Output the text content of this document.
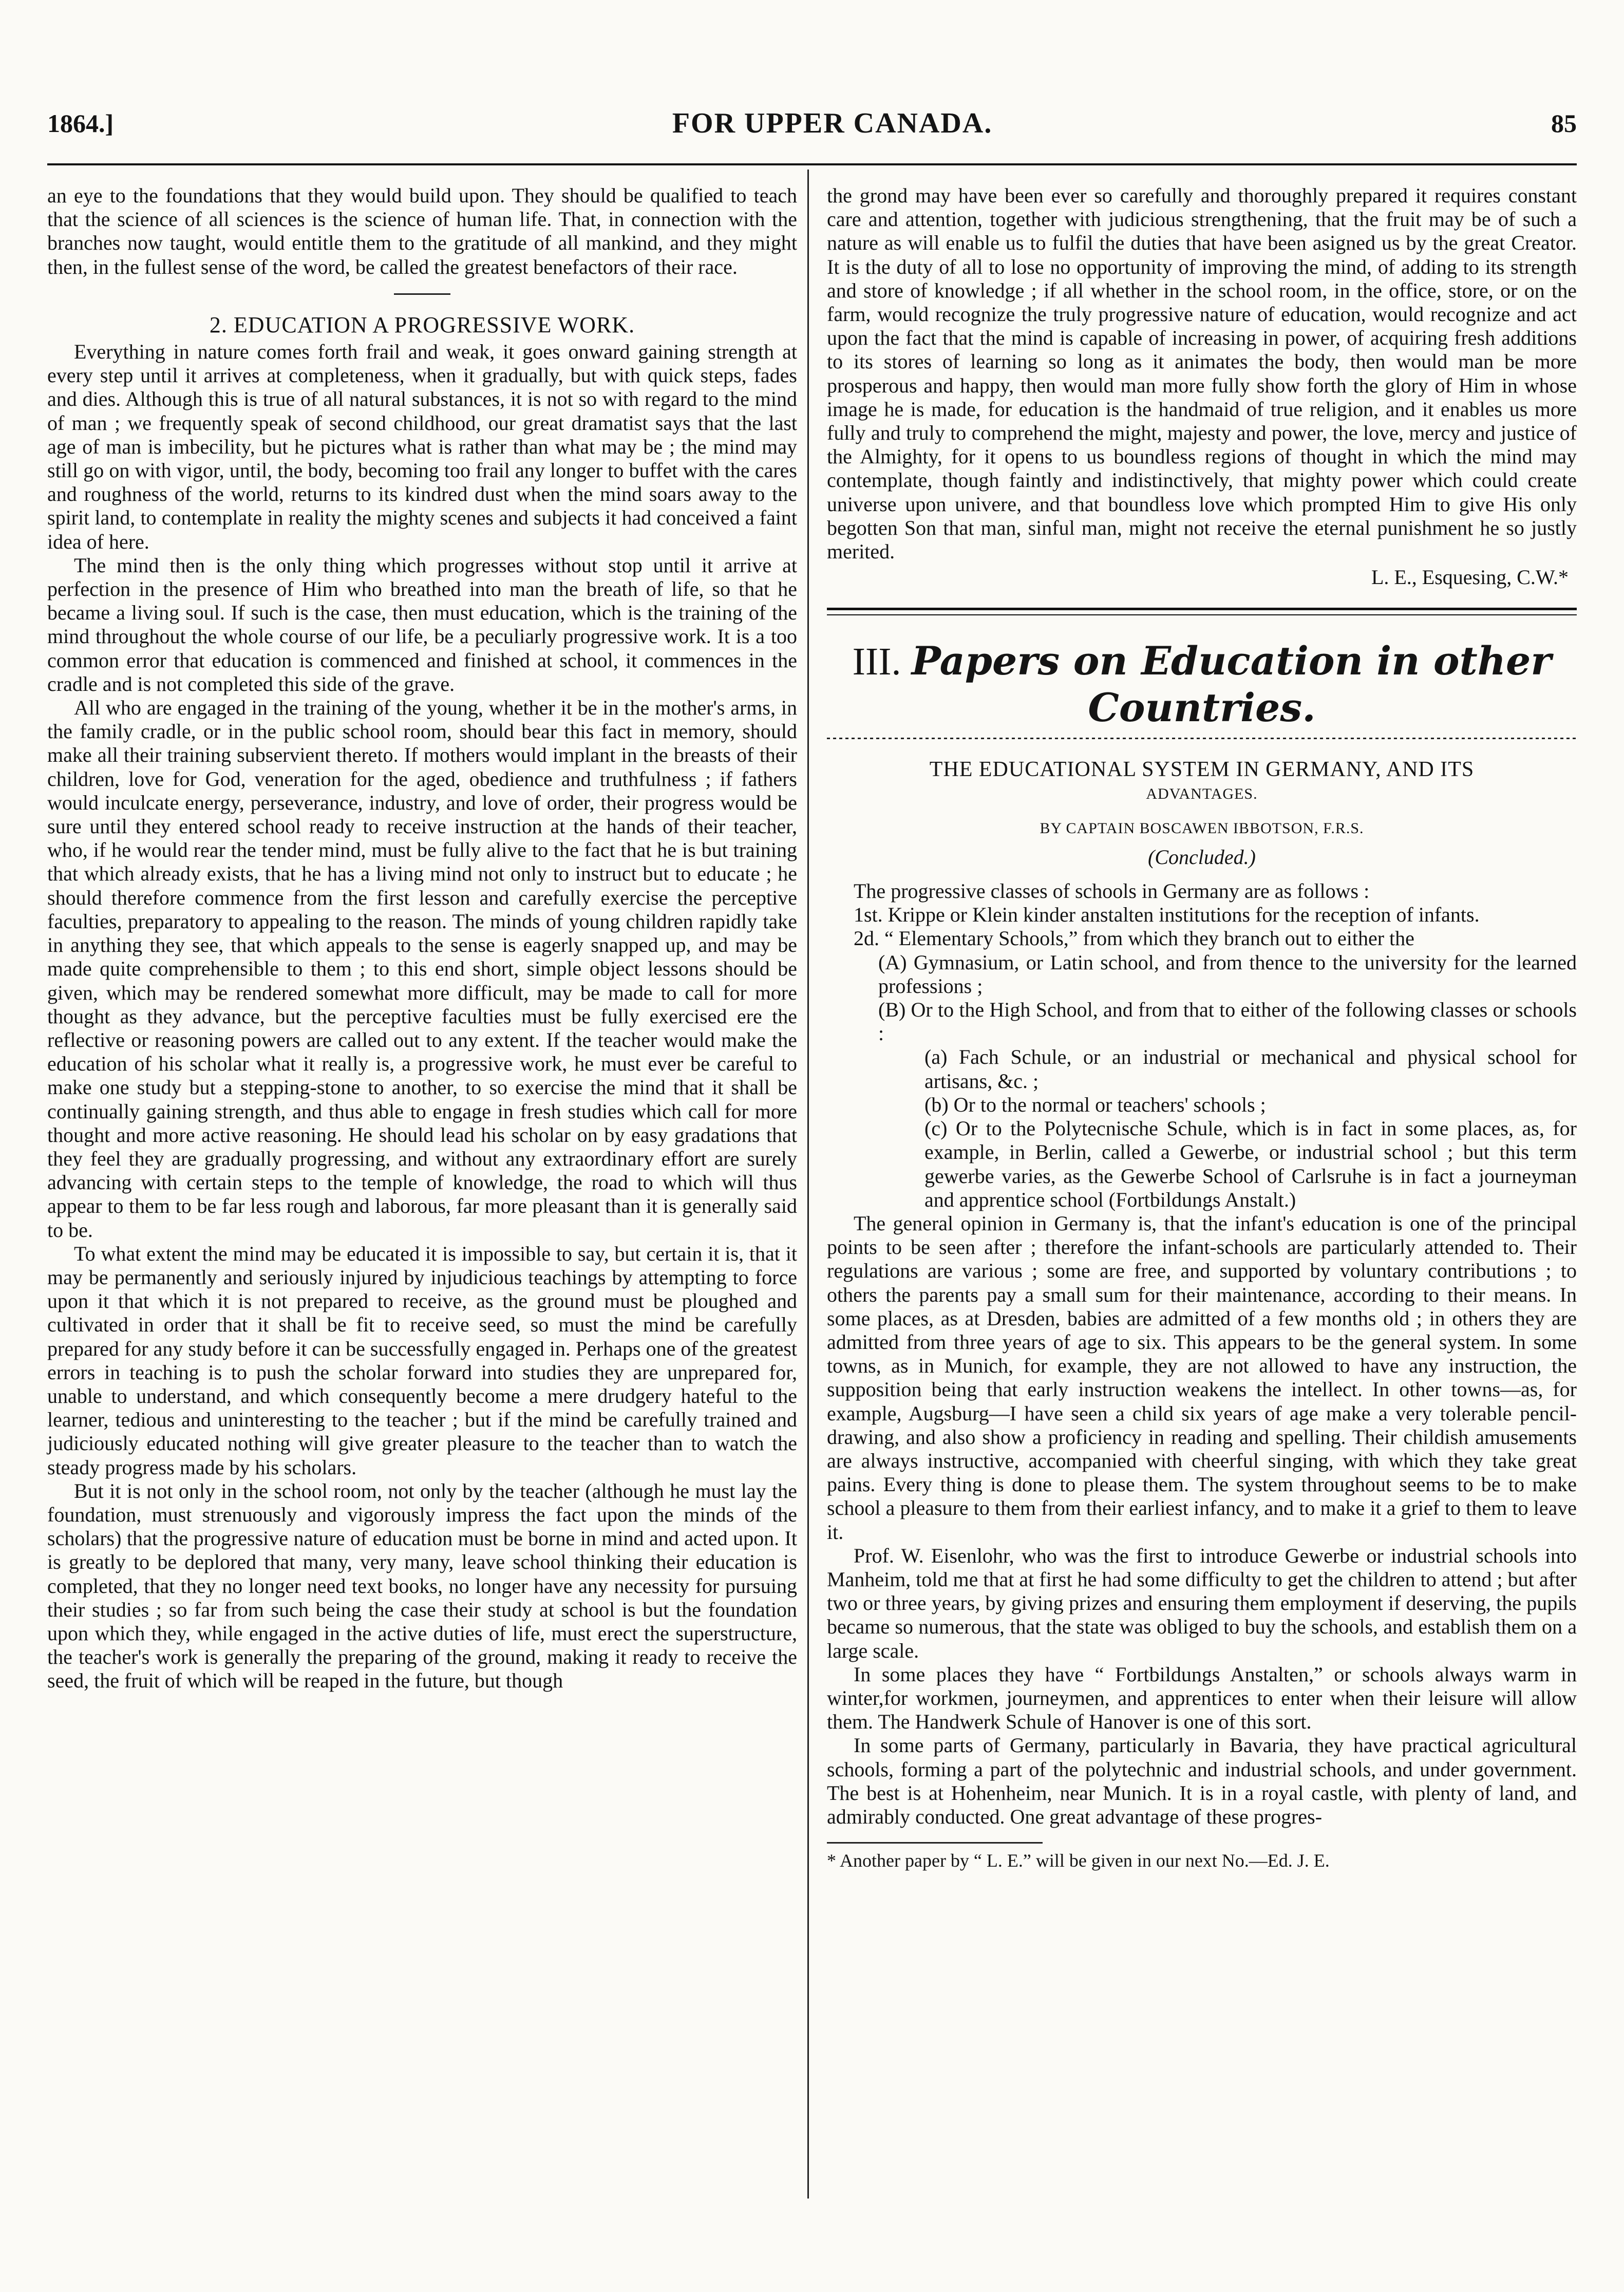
1864.]	FOR UPPER CANADA.	85

an eye to the foundations that they would build upon. They should be qualified to teach that the science of all sciences is the science of human life. That, in connection with the branches now taught, would entitle them to the gratitude of all mankind, and they might then, in the fullest sense of the word, be called the greatest benefactors of their race.

2. EDUCATION A PROGRESSIVE WORK.

Everything in nature comes forth frail and weak, it goes onward gaining strength at every step until it arrives at completeness, when it gradually, but with quick steps, fades and dies. Although this is true of all natural substances, it is not so with regard to the mind of man ; we frequently speak of second childhood, our great dramatist says that the last age of man is imbecility, but he pictures what is rather than what may be ; the mind may still go on with vigor, until, the body, becoming too frail any longer to buffet with the cares and roughness of the world, returns to its kindred dust when the mind soars away to the spirit land, to contemplate in reality the mighty scenes and subjects it had conceived a faint idea of here.

The mind then is the only thing which progresses without stop until it arrive at perfection in the presence of Him who breathed into man the breath of life, so that he became a living soul. If such is the case, then must education, which is the training of the mind throughout the whole course of our life, be a peculiarly progressive work. It is a too common error that education is commenced and finished at school, it commences in the cradle and is not completed this side of the grave.

All who are engaged in the training of the young, whether it be in the mother's arms, in the family cradle, or in the public school room, should bear this fact in memory, should make all their training subservient thereto. If mothers would implant in the breasts of their children, love for God, veneration for the aged, obedience and truthfulness ; if fathers would inculcate energy, perseverance, industry, and love of order, their progress would be sure until they entered school ready to receive instruction at the hands of their teacher, who, if he would rear the tender mind, must be fully alive to the fact that he is but training that which already exists, that he has a living mind not only to instruct but to educate ; he should therefore commence from the first lesson and carefully exercise the perceptive faculties, preparatory to appealing to the reason. The minds of young children rapidly take in anything they see, that which appeals to the sense is eagerly snapped up, and may be made quite comprehensible to them ; to this end short, simple object lessons should be given, which may be rendered somewhat more difficult, may be made to call for more thought as they advance, but the perceptive faculties must be fully exercised ere the reflective or reasoning powers are called out to any extent. If the teacher would make the education of his scholar what it really is, a progressive work, he must ever be careful to make one study but a stepping-stone to another, to so exercise the mind that it shall be continually gaining strength, and thus able to engage in fresh studies which call for more thought and more active reasoning. He should lead his scholar on by easy gradations that they feel they are gradually progressing, and without any extraordinary effort are surely advancing with certain steps to the temple of knowledge, the road to which will thus appear to them to be far less rough and laborous, far more pleasant than it is generally said to be.

To what extent the mind may be educated it is impossible to say, but certain it is, that it may be permanently and seriously injured by injudicious teachings by attempting to force upon it that which it is not prepared to receive, as the ground must be ploughed and cultivated in order that it shall be fit to receive seed, so must the mind be carefully prepared for any study before it can be successfully engaged in. Perhaps one of the greatest errors in teaching is to push the scholar forward into studies they are unprepared for, unable to understand, and which consequently become a mere drudgery hateful to the learner, tedious and uninteresting to the teacher ; but if the mind be carefully trained and judiciously educated nothing will give greater pleasure to the teacher than to watch the steady progress made by his scholars.

But it is not only in the school room, not only by the teacher (although he must lay the foundation, must strenuously and vigorously impress the fact upon the minds of the scholars) that the progressive nature of education must be borne in mind and acted upon. It is greatly to be deplored that many, very many, leave school thinking their education is completed, that they no longer need text books, no longer have any necessity for pursuing their studies ; so far from such being the case their study at school is but the foundation upon which they, while engaged in the active duties of life, must erect the superstructure, the teacher's work is generally the preparing of the ground, making it ready to receive the seed, the fruit of which will be reaped in the future, but though

the grond may have been ever so carefully and thoroughly prepared it requires constant care and attention, together with judicious strengthening, that the fruit may be of such a nature as will enable us to fulfil the duties that have been asigned us by the great Creator. It is the duty of all to lose no opportunity of improving the mind, of adding to its strength and store of knowledge ; if all whether in the school room, in the office, store, or on the farm, would recognize the truly progressive nature of education, would recognize and act upon the fact that the mind is capable of increasing in power, of acquiring fresh additions to its stores of learning so long as it animates the body, then would man be more prosperous and happy, then would man more fully show forth the glory of Him in whose image he is made, for education is the handmaid of true religion, and it enables us more fully and truly to comprehend the might, majesty and power, the love, mercy and justice of the Almighty, for it opens to us boundless regions of thought in which the mind may contemplate, though faintly and indistinctively, that mighty power which could create universe upon univere, and that boundless love which prompted Him to give His only begotten Son that man, sinful man, might not receive the eternal punishment he so justly merited.

L. E., Esquesing, C.W.*
III. Papers on Education in other Countries.
THE EDUCATIONAL SYSTEM IN GERMANY, AND ITS
ADVANTAGES.
BY CAPTAIN BOSCAWEN IBBOTSON, F.R.S.
(Concluded.)

The progressive classes of schools in Germany are as follows :

1st. Krippe or Klein kinder anstalten institutions for the reception of infants.

2d. “ Elementary Schools,” from which they branch out to either the

(A) Gymnasium, or Latin school, and from thence to the university for the learned professions ;

(B) Or to the High School, and from that to either of the following classes or schools :

(a) Fach Schule, or an industrial or mechanical and physical school for artisans, &c. ;

(b) Or to the normal or teachers' schools ;

(c) Or to the Polytecnische Schule, which is in fact in some places, as, for example, in Berlin, called a Gewerbe, or industrial school ; but this term gewerbe varies, as the Gewerbe School of Carlsruhe is in fact a journeyman and apprentice school (Fortbildungs Anstalt.)

The general opinion in Germany is, that the infant's education is one of the principal points to be seen after ; therefore the infant-schools are particularly attended to. Their regulations are various ; some are free, and supported by voluntary contributions ; to others the parents pay a small sum for their maintenance, according to their means. In some places, as at Dresden, babies are admitted of a few months old ; in others they are admitted from three years of age to six. This appears to be the general system. In some towns, as in Munich, for example, they are not allowed to have any instruction, the supposition being that early instruction weakens the intellect. In other towns—as, for example, Augsburg—I have seen a child six years of age make a very tolerable pencil-drawing, and also show a proficiency in reading and spelling. Their childish amusements are always instructive, accompanied with cheerful singing, with which they take great pains. Every thing is done to please them. The system throughout seems to be to make school a pleasure to them from their earliest infancy, and to make it a grief to them to leave it.

Prof. W. Eisenlohr, who was the first to introduce Gewerbe or industrial schools into Manheim, told me that at first he had some difficulty to get the children to attend ; but after two or three years, by giving prizes and ensuring them employment if deserving, the pupils became so numerous, that the state was obliged to buy the schools, and establish them on a large scale.

In some places they have “ Fortbildungs Anstalten,” or schools always warm in winter,for workmen, journeymen, and apprentices to enter when their leisure will allow them. The Handwerk Schule of Hanover is one of this sort.

In some parts of Germany, particularly in Bavaria, they have practical agricultural schools, forming a part of the polytechnic and industrial schools, and under government. The best is at Hohenheim, near Munich. It is in a royal castle, with plenty of land, and admirably conducted. One great advantage of these progres-

* Another paper by “ L. E.” will be given in our next No.—Ed. J. E.
